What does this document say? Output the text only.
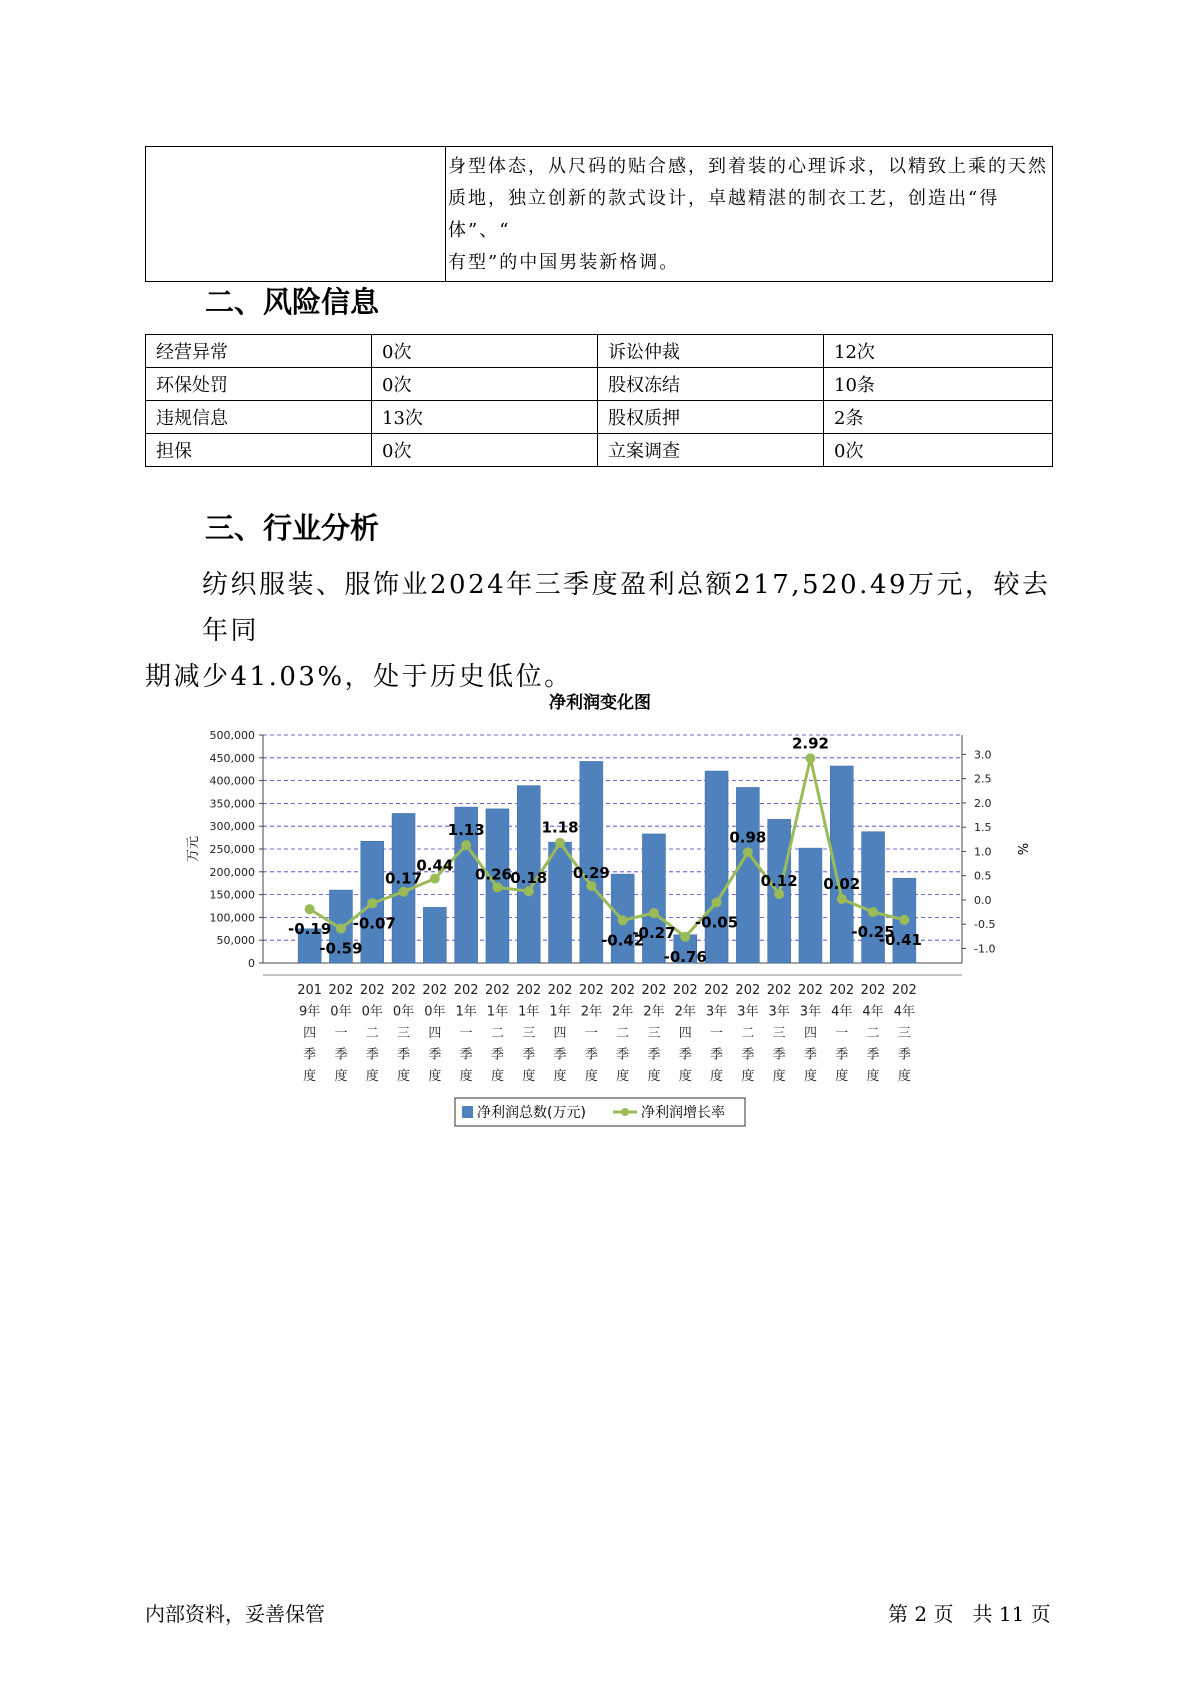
身型体态，从尺码的贴合感，到着装的心理诉求，以精致上乘的天然
质地，独立创新的款式设计，卓越精湛的制衣工艺，创造出“得体”、“
有型”的中国男装新格调。
二、风险信息
经营异常	0次	诉讼仲裁	12次
环保处罚	0次	股权冻结	10条
违规信息	13次	股权质押	2条
担保	0次	立案调查	0次
三、行业分析
纺织服装、服饰业2024年三季度盈利总额217,520.49万元，较去年同
期减少41.03%，处于历史低位。
净利润变化图
0
50,000
100,000
150,000
200,000
250,000
300,000
350,000
400,000
450,000
500,000
-1.0
-0.5
0.0
0.5
1.0
1.5
2.0
2.5
3.0
万元	%
201
9年
四
季
度
202
0年
一
季
度
202
0年
二
季
度
202
0年
三
季
度
202
0年
四
季
度
202
1年
一
季
度
202
1年
二
季
度
202
1年
三
季
度
202
1年
四
季
度
202
2年
一
季
度
202
2年
二
季
度
202
2年
三
季
度
202
2年
四
季
度
202
3年
一
季
度
202
3年
二
季
度
202
3年
三
季
度
202
3年
四
季
度
202
4年
一
季
度
202
4年
二
季
度
202
4年
三
季
度
-0.19
-0.59
-0.07
0.17
0.44
1.13
0.26
0.18
1.18
0.29
-0.42
-0.27
-0.76
-0.05
0.98
0.12
2.92
0.02
-0.25
-0.41
净利润总数(万元)	净利润增长率
内部资料，妥善保管	第 2 页   共 11 页
